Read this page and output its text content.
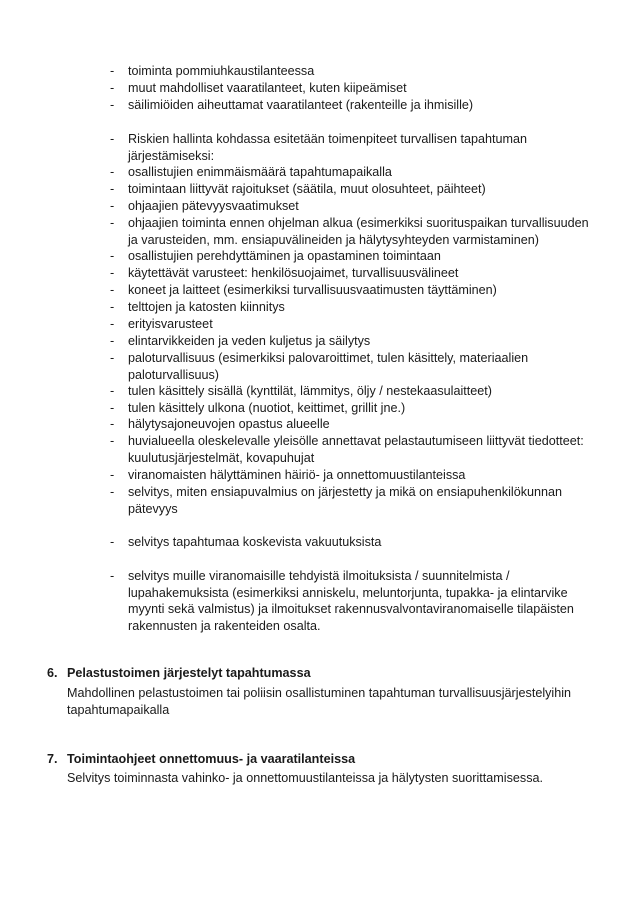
- toiminta pommiuhkaustilanteessa
- muut mahdolliset vaaratilanteet, kuten kiipeämiset
- säilimiöiden aiheuttamat vaaratilanteet (rakenteille ja ihmisille)
- Riskien hallinta kohdassa esitetään toimenpiteet turvallisen tapahtuman järjestämiseksi:
- osallistujien enimmäismäärä tapahtumapaikalla
- toimintaan liittyvät rajoitukset (säätila, muut olosuhteet, päihteet)
- ohjaajien pätevyysvaatimukset
- ohjaajien toiminta ennen ohjelman alkua (esimerkiksi suorituspaikan turvallisuuden ja varusteiden, mm. ensiapuvälineiden ja hälytysyhteyden varmistaminen)
- osallistujien perehdyttäminen ja opastaminen toimintaan
- käytettävät varusteet: henkilösuojaimet, turvallisuusvälineet
- koneet ja laitteet (esimerkiksi turvallisuusvaatimusten täyttäminen)
- telttojen ja katosten kiinnitys
- erityisvarusteet
- elintarvikkeiden ja veden kuljetus ja säilytys
- paloturvallisuus (esimerkiksi palovaroittimet, tulen käsittely, materiaalien paloturvallisuus)
- tulen käsittely sisällä (kynttilät, lämmitys, öljy / nestekaasulaitteet)
- tulen käsittely ulkona (nuotiot, keittimet, grillit jne.)
- hälytysajoneuvojen opastus alueelle
- huvialueella oleskelevalle yleisölle annettavat pelastautumiseen liittyvät tiedotteet: kuulutusjärjestelmät, kovapuhujat
- viranomaisten hälyttäminen häiriö- ja onnettomuustilanteissa
- selvitys, miten ensiapuvalmius on järjestetty ja mikä on ensiapuhenkilökunnan pätevyys
- selvitys tapahtumaa koskevista vakuutuksista
- selvitys muille viranomaisille tehdyistä ilmoituksista / suunnitelmista / lupahakemuksista (esimerkiksi anniskelu, meluntorjunta, tupakka- ja elintarvike myynti sekä valmistus) ja ilmoitukset rakennusvalvontaviranomaiselle tilapäisten rakennusten ja rakenteiden osalta.
6. Pelastustoimen järjestelyt tapahtumassa
Mahdollinen pelastustoimen tai poliisin osallistuminen tapahtuman turvallisuusjärjestelyihin tapahtumapaikalla
7. Toimintaohjeet onnettomuus- ja vaaratilanteissa
Selvitys toiminnasta vahinko- ja onnettomuustilanteissa ja hälytysten suorittamisessa.
